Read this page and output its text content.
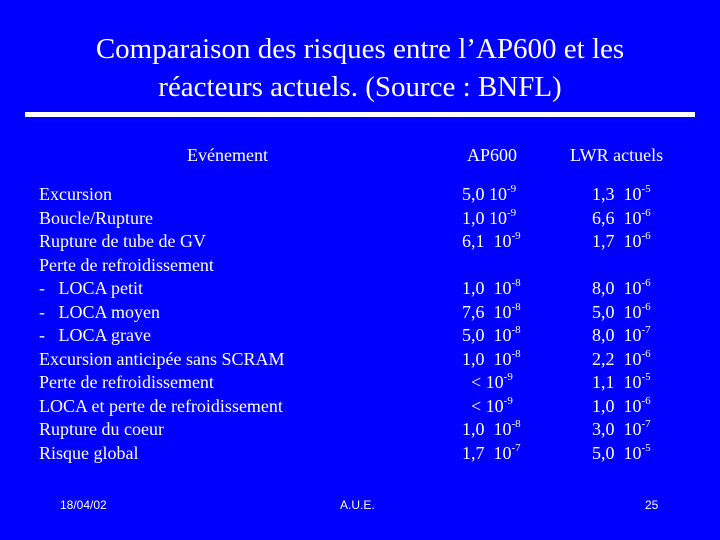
Comparaison des risques entre l’AP600 et les
réacteurs actuels. (Source : BNFL)
Evénement	AP600	LWR actuels
Excursion	5,0 $10^{-9}$	1,3  $10^{-5}$
Boucle/Rupture	1,0 $10^{-9}$	6,6  $10^{-6}$
Rupture de tube de GV	6,1  $10^{-9}$	1,7  $10^{-6}$
Perte de refroidissement
-   LOCA petit	1,0  $10^{-8}$	8,0  $10^{-6}$
-   LOCA moyen	7,6  $10^{-8}$	5,0  $10^{-6}$
-   LOCA grave	5,0  $10^{-8}$	8,0  $10^{-7}$
Excursion anticipée sans SCRAM	1,0  $10^{-8}$	2,2  $10^{-6}$
Perte de refroidissement	< $10^{-9}$	1,1  $10^{-5}$
LOCA et perte de refroidissement	< $10^{-9}$	1,0  $10^{-6}$
Rupture du coeur	1,0  $10^{-8}$	3,0  $10^{-7}$
Risque global	1,7  $10^{-7}$	5,0  $10^{-5}$
18/04/02	A.U.E.	25
